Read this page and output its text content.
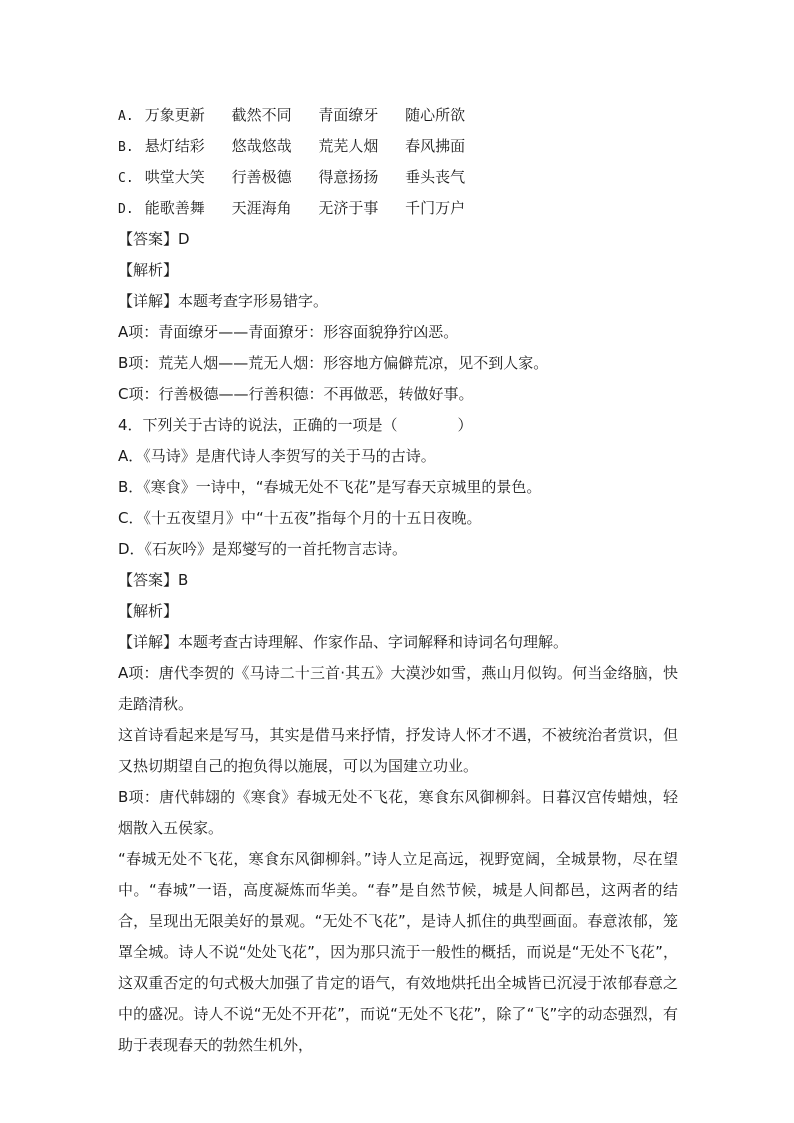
A. 万象更新 截然不同 青面缭牙 随心所欲
B. 悬灯结彩 悠哉悠哉 荒芜人烟 春风拂面
C. 哄堂大笑 行善极德 得意扬扬 垂头丧气
D. 能歌善舞 天涯海角 无济于事 千门万户
【答案】D
【解析】
【详解】本题考查字形易错字。
A项：青面缭牙——青面獠牙：形容面貌狰狞凶恶。
B项：荒芜人烟——荒无人烟：形容地方偏僻荒凉，见不到人家。
C项：行善极德——行善积德：不再做恶，转做好事。
4．下列关于古诗的说法，正确的一项是（　　　　）
A．《马诗》是唐代诗人李贺写的关于马的古诗。
B．《寒食》一诗中，“春城无处不飞花”是写春天京城里的景色。
C．《十五夜望月》中“十五夜”指每个月的十五日夜晚。
D．《石灰吟》是郑燮写的一首托物言志诗。
【答案】B
【解析】
【详解】本题考查古诗理解、作家作品、字词解释和诗词名句理解。
A项：唐代李贺的《马诗二十三首·其五》大漠沙如雪，燕山月似钩。何当金络脑，快走踏清秋。
这首诗看起来是写马，其实是借马来抒情，抒发诗人怀才不遇，不被统治者赏识，但又热切期望自己的抱负得以施展，可以为国建立功业。
B项：唐代韩翃的《寒食》春城无处不飞花，寒食东风御柳斜。日暮汉宫传蜡烛，轻烟散入五侯家。
“春城无处不飞花，寒食东风御柳斜。”诗人立足高远，视野宽阔，全城景物，尽在望中。“春城”一语，高度凝炼而华美。“春”是自然节候，城是人间都邑，这两者的结合，呈现出无限美好的景观。“无处不飞花”，是诗人抓住的典型画面。春意浓郁，笼罩全城。诗人不说“处处飞花”，因为那只流于一般性的概括，而说是“无处不飞花”，这双重否定的句式极大加强了肯定的语气，有效地烘托出全城皆已沉浸于浓郁春意之中的盛况。诗人不说“无处不开花”，而说“无处不飞花”，除了“飞”字的动态强烈，有助于表现春天的勃然生机外，
